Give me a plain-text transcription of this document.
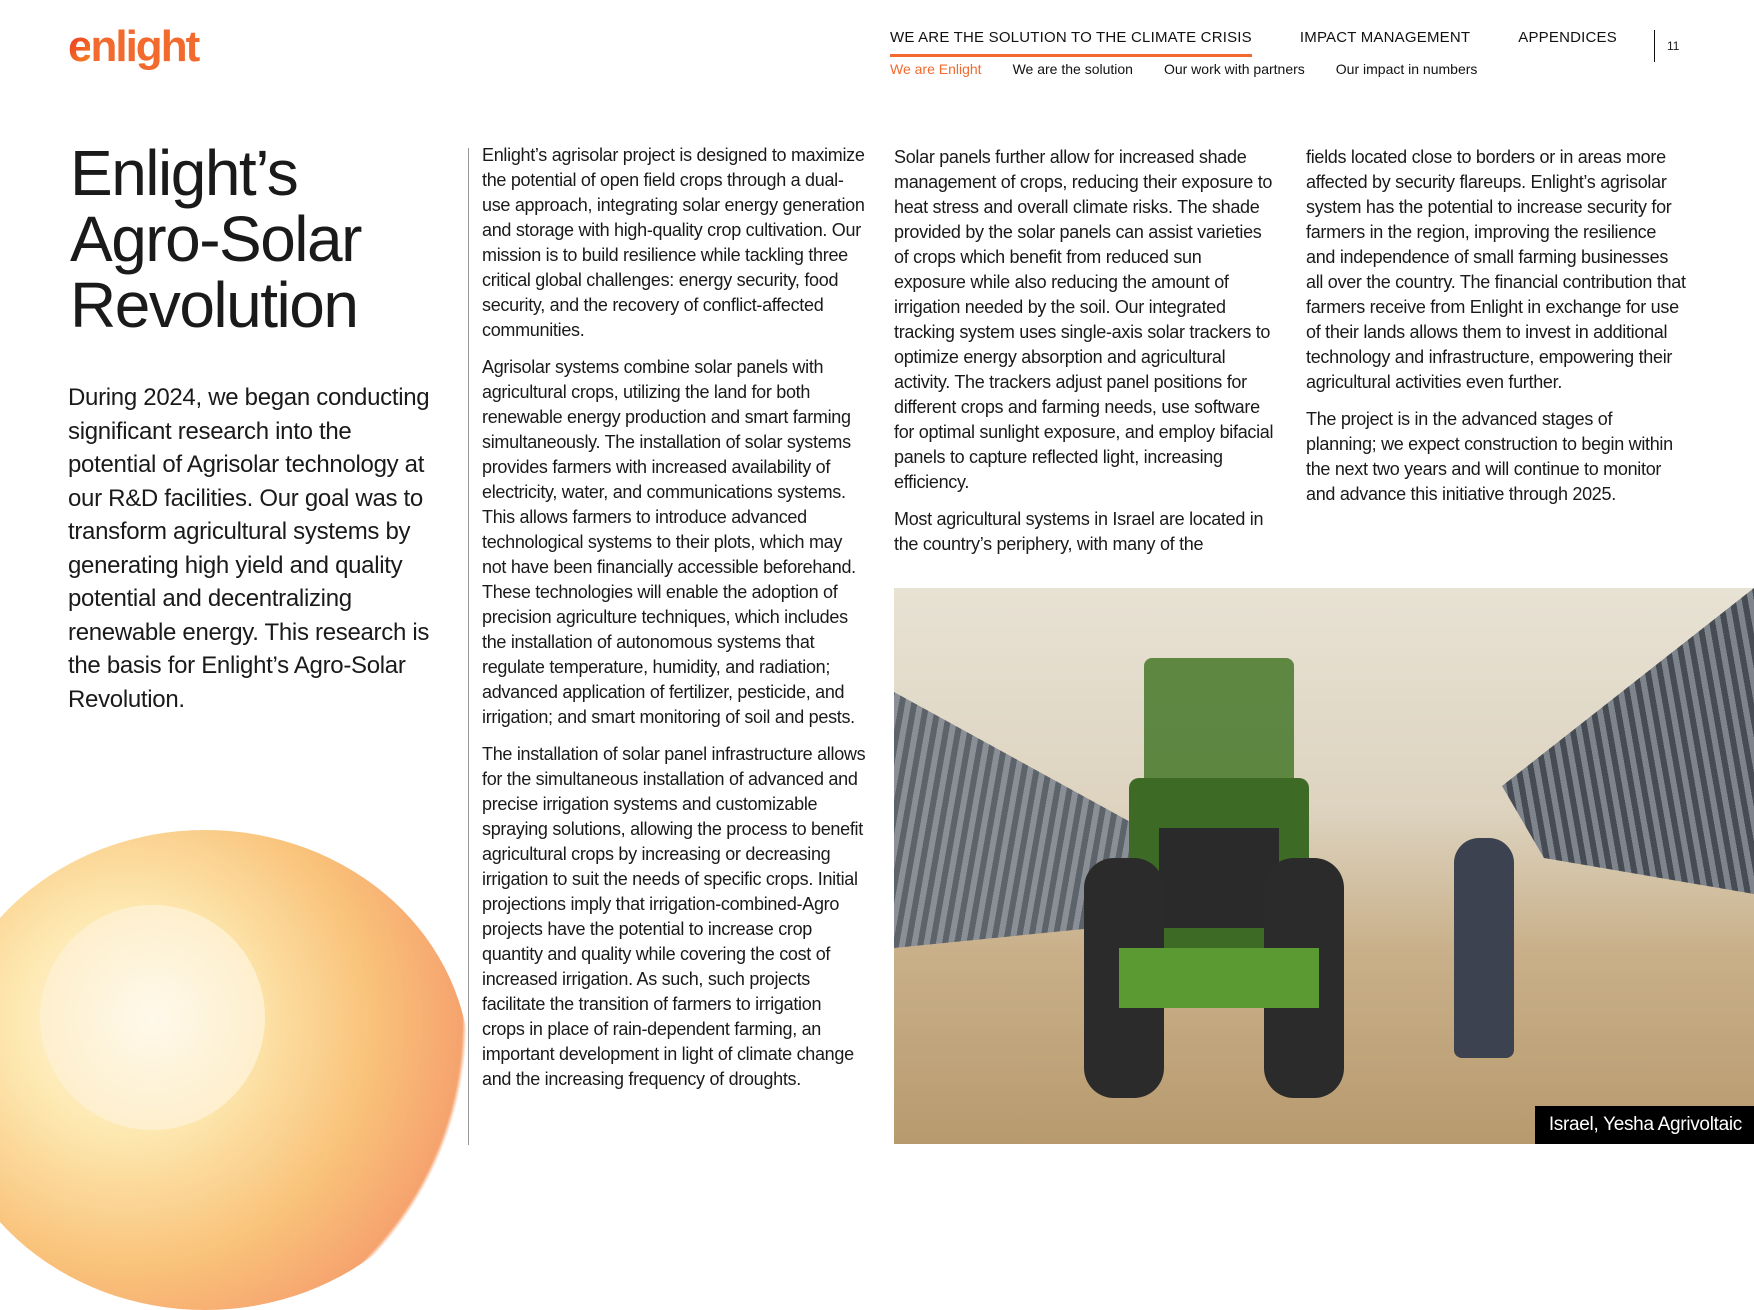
enlight	WE ARE THE SOLUTION TO THE CLIMATE CRISIS	IMPACT MANAGEMENT	APPENDICES
We are Enlight We are the solution Our work with partners Our impact in numbers
11
Enlight’s Agro-Solar Revolution
During 2024, we began conducting significant research into the potential of Agrisolar technology at our R&D facilities. Our goal was to transform agricultural systems by generating high yield and quality potential and decentralizing renewable energy. This research is the basis for Enlight’s Agro-Solar Revolution.

Enlight’s agrisolar project is designed to maximize the potential of open field crops through a dual-use approach, integrating solar energy generation and storage with high-quality crop cultivation. Our mission is to build resilience while tackling three critical global challenges: energy security, food security, and the recovery of conflict-affected communities.

Agrisolar systems combine solar panels with agricultural crops, utilizing the land for both renewable energy production and smart farming simultaneously. The installation of solar systems provides farmers with increased availability of electricity, water, and communications systems. This allows farmers to introduce advanced technological systems to their plots, which may not have been financially accessible beforehand. These technologies will enable the adoption of precision agriculture techniques, which includes the installation of autonomous systems that regulate temperature, humidity, and radiation; advanced application of fertilizer, pesticide, and irrigation; and smart monitoring of soil and pests.

The installation of solar panel infrastructure allows for the simultaneous installation of advanced and precise irrigation systems and customizable spraying solutions, allowing the process to benefit agricultural crops by increasing or decreasing irrigation to suit the needs of specific crops. Initial projections imply that irrigation-combined-Agro projects have the potential to increase crop quantity and quality while covering the cost of increased irrigation. As such, such projects facilitate the transition of farmers to irrigation crops in place of rain-dependent farming, an important development in light of climate change and the increasing frequency of droughts.

Solar panels further allow for increased shade management of crops, reducing their exposure to heat stress and overall climate risks. The shade provided by the solar panels can assist varieties of crops which benefit from reduced sun exposure while also reducing the amount of irrigation needed by the soil. Our integrated tracking system uses single-axis solar trackers to optimize energy absorption and agricultural activity. The trackers adjust panel positions for different crops and farming needs, use software for optimal sunlight exposure, and employ bifacial panels to capture reflected light, increasing efficiency.

Most agricultural systems in Israel are located in the country’s periphery, with many of the

fields located close to borders or in areas more affected by security flareups. Enlight’s agrisolar system has the potential to increase security for farmers in the region, improving the resilience and independence of small farming businesses all over the country. The financial contribution that farmers receive from Enlight in exchange for use of their lands allows them to invest in additional technology and infrastructure, empowering their agricultural activities even further.

The project is in the advanced stages of planning; we expect construction to begin within the next two years and will continue to monitor and advance this initiative through 2025.

Israel, Yesha Agrivoltaic
